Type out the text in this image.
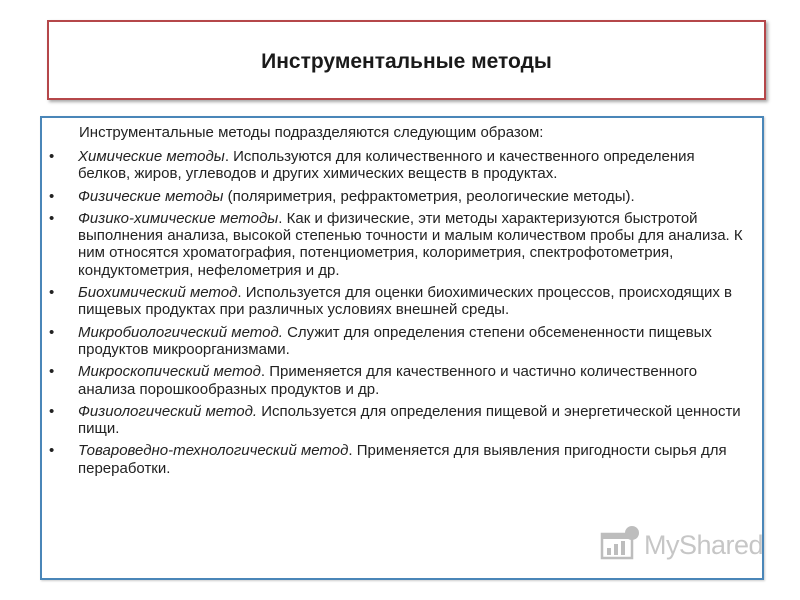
Инструментальные методы
Инструментальные методы подразделяются следующим образом:
• Химические методы. Используются для количественного и качественного определения белков, жиров, углеводов и других химических веществ в продуктах.
• Физические методы (поляриметрия, рефрактометрия, реологические методы).
• Физико-химические методы. Как и физические, эти методы характеризуются быстротой выполнения анализа, высокой степенью точности и малым количеством пробы для анализа. К ним относятся хроматография, потенциометрия, колориметрия, спектрофотометрия, кондуктометрия, нефелометрия и др.
• Биохимический метод. Используется для оценки биохимических процессов, происходящих в пищевых продуктах при различных условиях внешней среды.
• Микробиологический метод. Служит для определения степени обсемененности пищевых продуктов микроорганизмами.
• Микроскопический метод. Применяется для качественного и частично количественного анализа порошкообразных продуктов и др.
• Физиологический метод. Используется для определения пищевой и энергетической ценности пищи.
• Товароведно-технологический метод. Применяется для выявления пригодности сырья для переработки.
MyShared
